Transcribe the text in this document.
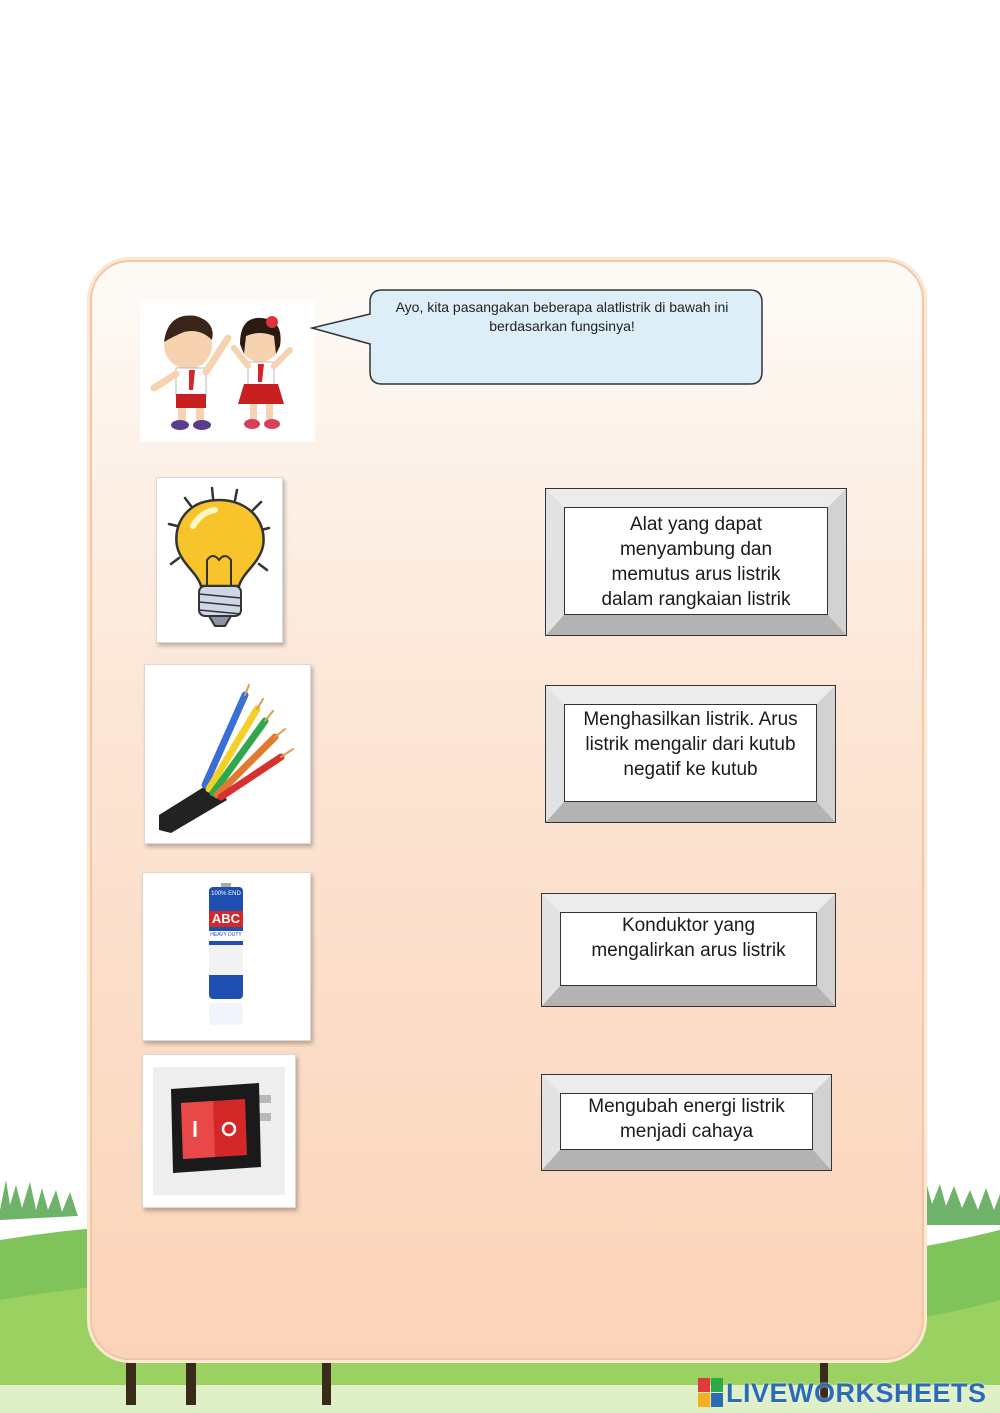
Ayo, kita pasangakan beberapa alatlistrik di bawah ini
berdasarkan fungsinya!
100% END
ABC
HEAVY DUTY
Alat yang dapat
menyambung dan
memutus arus listrik
dalam rangkaian listrik
Menghasilkan listrik. Arus
listrik mengalir dari kutub
negatif ke kutub
Konduktor yang
mengalirkan arus listrik
Mengubah energi listrik
menjadi cahaya
LIVEWORKSHEETS
